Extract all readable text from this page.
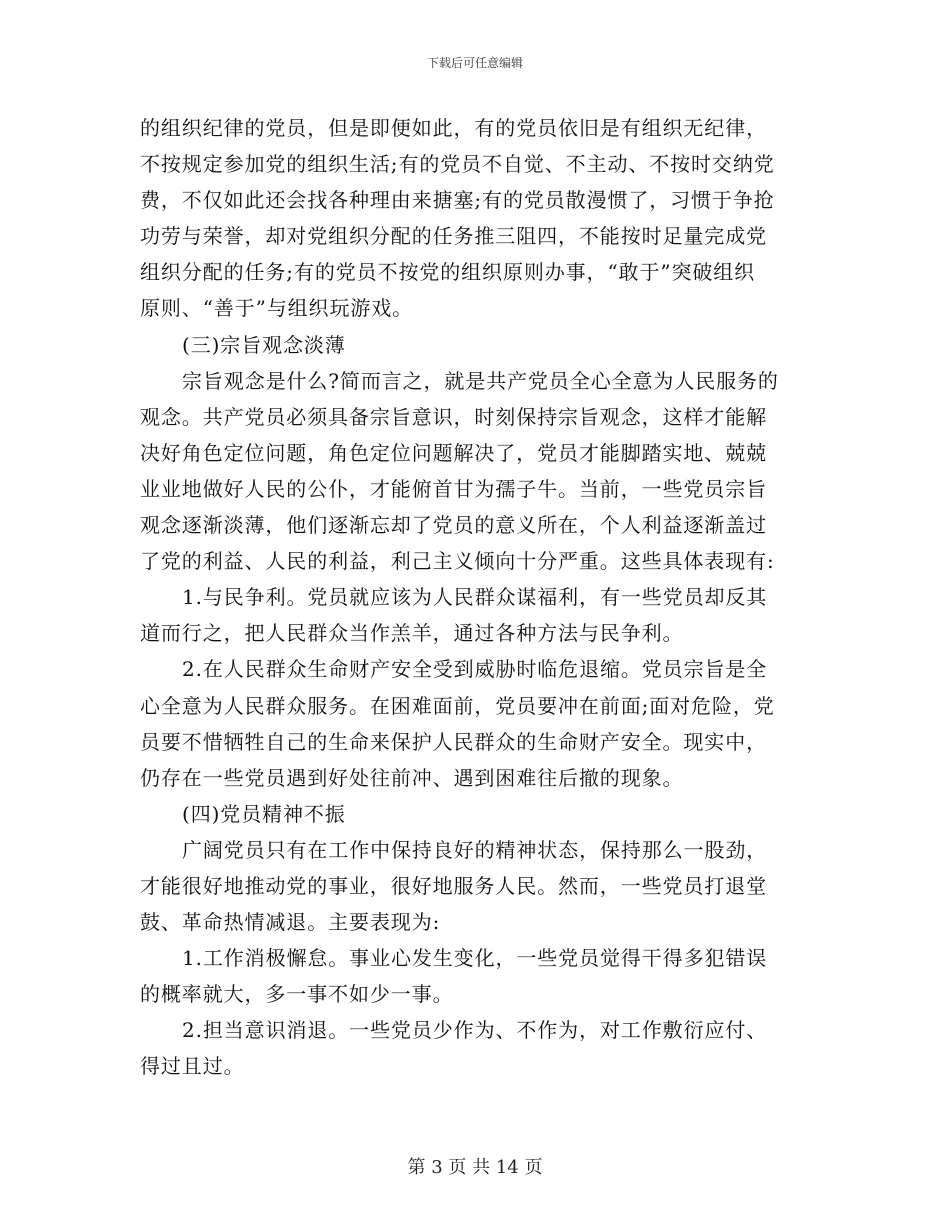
下载后可任意编辑
的组织纪律的党员，但是即便如此，有的党员依旧是有组织无纪律，
不按规定参加党的组织生活;有的党员不自觉、不主动、不按时交纳党
费，不仅如此还会找各种理由来搪塞;有的党员散漫惯了，习惯于争抢
功劳与荣誉，却对党组织分配的任务推三阻四，不能按时足量完成党
组织分配的任务;有的党员不按党的组织原则办事，“敢于”突破组织
原则、“善于”与组织玩游戏。
(三)宗旨观念淡薄
宗旨观念是什么?简而言之，就是共产党员全心全意为人民服务的
观念。共产党员必须具备宗旨意识，时刻保持宗旨观念，这样才能解
决好角色定位问题，角色定位问题解决了，党员才能脚踏实地、兢兢
业业地做好人民的公仆，才能俯首甘为孺子牛。当前，一些党员宗旨
观念逐渐淡薄，他们逐渐忘却了党员的意义所在，个人利益逐渐盖过
了党的利益、人民的利益，利己主义倾向十分严重。这些具体表现有:
1.与民争利。党员就应该为人民群众谋福利，有一些党员却反其
道而行之，把人民群众当作羔羊，通过各种方法与民争利。
2.在人民群众生命财产安全受到威胁时临危退缩。党员宗旨是全
心全意为人民群众服务。在困难面前，党员要冲在前面;面对危险，党
员要不惜牺牲自己的生命来保护人民群众的生命财产安全。现实中，
仍存在一些党员遇到好处往前冲、遇到困难往后撤的现象。
(四)党员精神不振
广阔党员只有在工作中保持良好的精神状态，保持那么一股劲，
才能很好地推动党的事业，很好地服务人民。然而，一些党员打退堂
鼓、革命热情减退。主要表现为:
1.工作消极懈怠。事业心发生变化，一些党员觉得干得多犯错误
的概率就大，多一事不如少一事。
2.担当意识消退。一些党员少作为、不作为，对工作敷衍应付、
得过且过。
第 3 页 共 14 页
